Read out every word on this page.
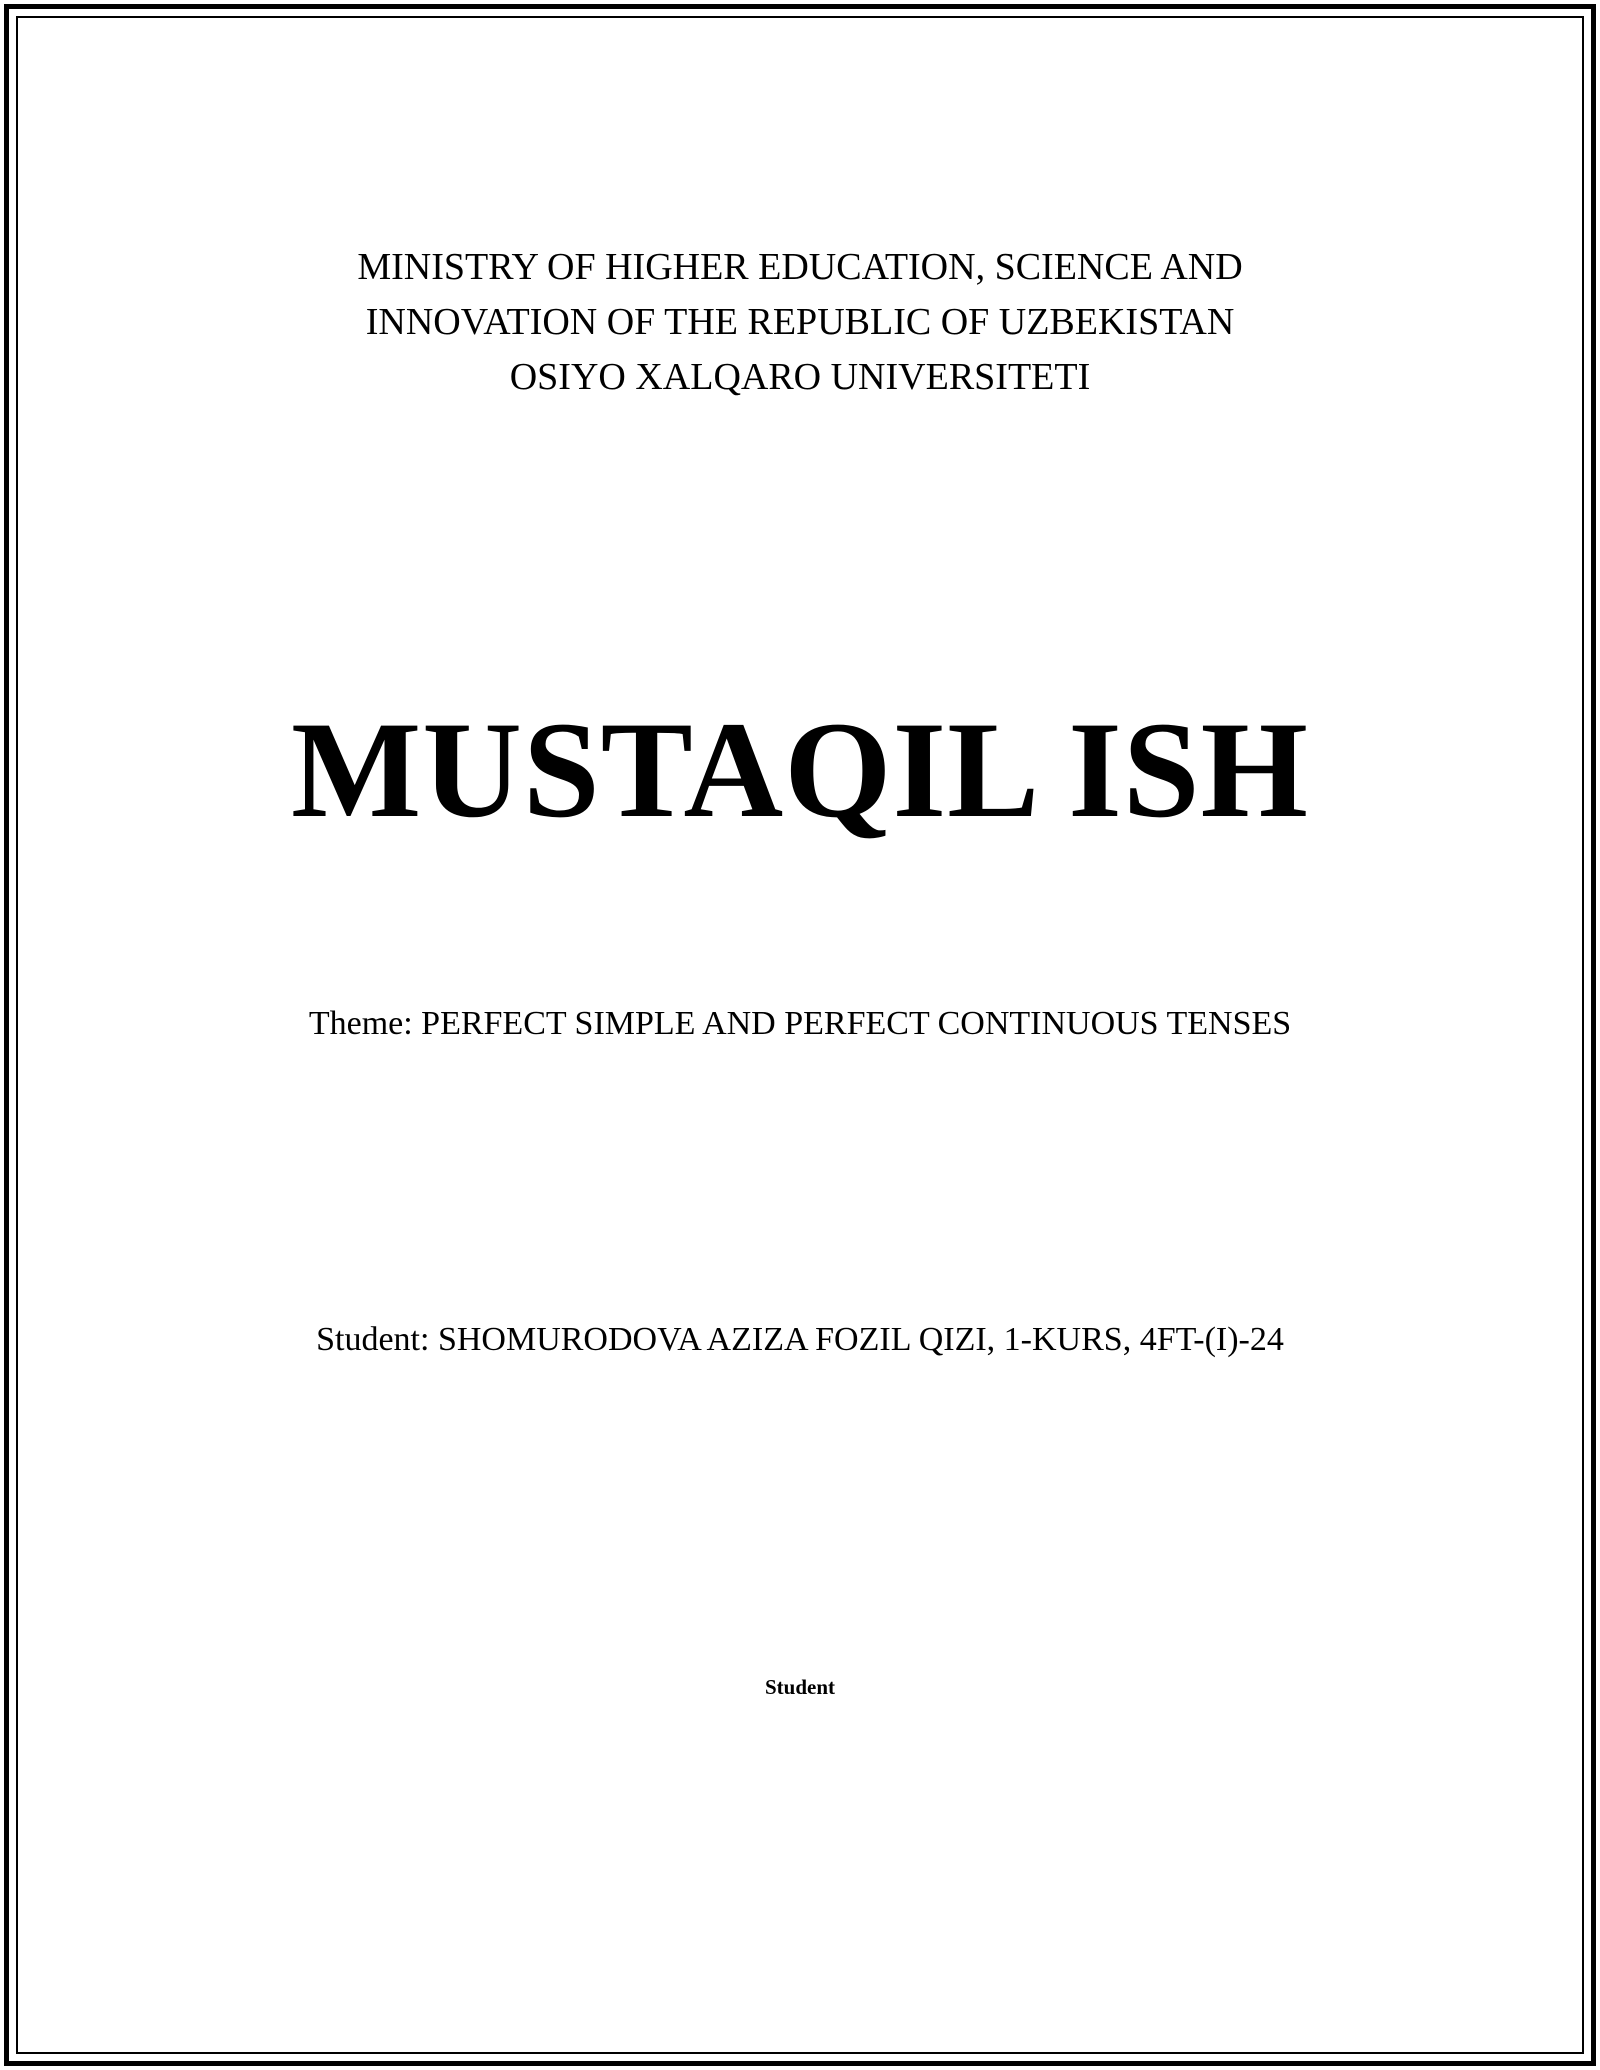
MINISTRY OF HIGHER EDUCATION, SCIENCE AND
INNOVATION OF THE REPUBLIC OF UZBEKISTAN
OSIYO XALQARO UNIVERSITETI
MUSTAQIL ISH
Theme: PERFECT SIMPLE AND PERFECT CONTINUOUS TENSES
Student: SHOMURODOVA AZIZA FOZIL QIZI, 1-KURS, 4FT-(I)-24
Student
